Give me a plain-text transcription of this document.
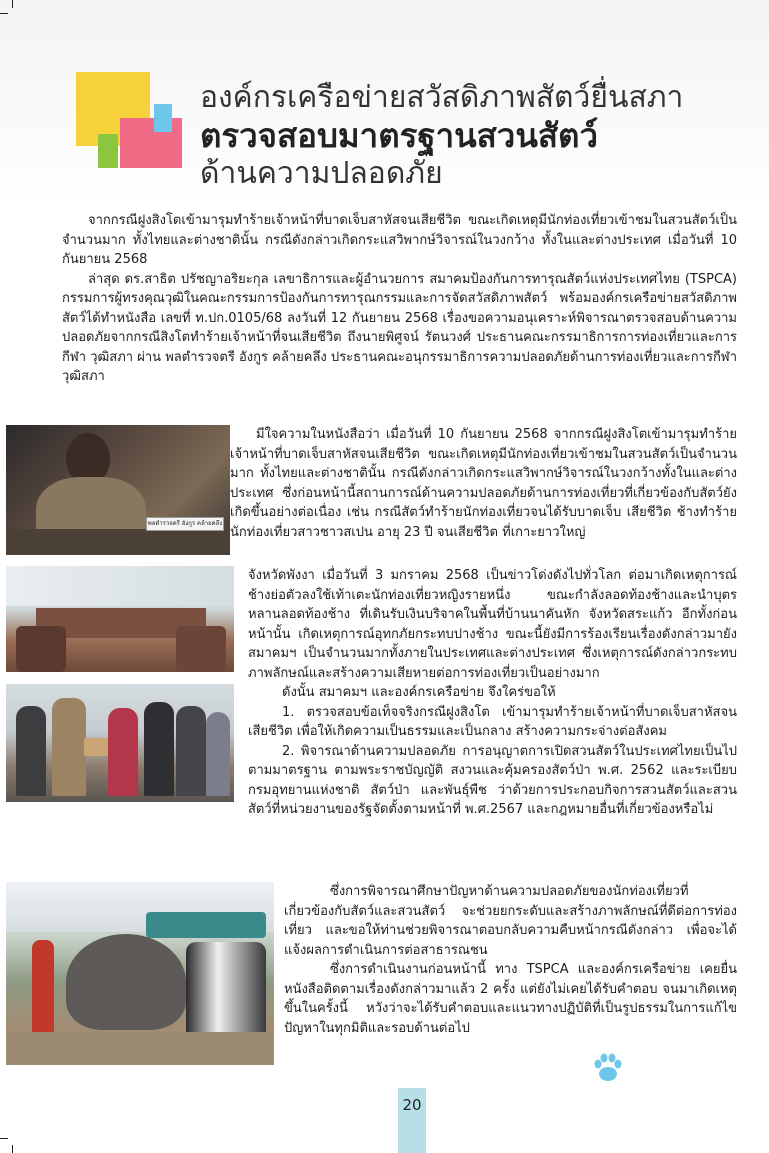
องค์กรเครือข่ายสวัสดิภาพสัตว์ยื่นสภา
ตรวจสอบมาตรฐานสวนสัตว์
ด้านความปลอดภัย

จากกรณีฝูงสิงโตเข้ามารุมทำร้ายเจ้าหน้าที่บาดเจ็บสาหัสจนเสียชีวิต ขณะเกิดเหตุมีนักท่องเที่ยวเข้าชมในสวนสัตว์เป็นจำนวนมาก ทั้งไทยและต่างชาตินั้น กรณีดังกล่าวเกิดกระแสวิพากษ์วิจารณ์ในวงกว้าง ทั้งในและต่างประเทศ เมื่อวันที่ 10 กันยายน 2568

ล่าสุด ดร.สาธิต ปรัชญาอริยะกุล เลขาธิการและผู้อำนวยการ สมาคมป้องกันการทารุณสัตว์แห่งประเทศไทย (TSPCA) กรรมการผู้ทรงคุณวุฒิในคณะกรรมการป้องกันการทารุณกรรมและการจัดสวัสดิภาพสัตว์ พร้อมองค์กรเครือข่ายสวัสดิภาพสัตว์ได้ทำหนังสือ เลขที่ ท.ปก.0105/68 ลงวันที่ 12 กันยายน 2568 เรื่องขอความอนุเคราะห์พิจารณาตรวจสอบด้านความปลอดภัยจากกรณีสิงโตทำร้ายเจ้าหน้าที่จนเสียชีวิต ถึงนายพิศูจน์ รัตนวงศ์ ประธานคณะกรรมาธิการการท่องเที่ยวและการกีฬา วุฒิสภา ผ่าน พลตำรวจตรี อังกูร คล้ายคลึง ประธานคณะอนุกรรมาธิการความปลอดภัยด้านการท่องเที่ยวและการกีฬา วุฒิสภา

พลตำรวจตรี อังกูร คล้ายคลึง

มีใจความในหนังสือว่า เมื่อวันที่ 10 กันยายน 2568 จากกรณีฝูงสิงโตเข้ามารุมทำร้ายเจ้าหน้าที่บาดเจ็บสาหัสจนเสียชีวิต ขณะเกิดเหตุมีนักท่องเที่ยวเข้าชมในสวนสัตว์เป็นจำนวนมาก ทั้งไทยและต่างชาตินั้น กรณีดังกล่าวเกิดกระแสวิพากษ์วิจารณ์ในวงกว้างทั้งในและต่างประเทศ ซึ่งก่อนหน้านี้สถานการณ์ด้านความปลอดภัยด้านการท่องเที่ยวที่เกี่ยวข้องกับสัตว์ยังเกิดขึ้นอย่างต่อเนื่อง เช่น กรณีสัตว์ทำร้ายนักท่องเที่ยวจนได้รับบาดเจ็บ เสียชีวิต ช้างทำร้ายนักท่องเที่ยวสาวชาวสเปน อายุ 23 ปี จนเสียชีวิต ที่เกาะยาวใหญ่

จังหวัดพังงา เมื่อวันที่ 3 มกราคม 2568 เป็นข่าวโด่งดังไปทั่วโลก ต่อมาเกิดเหตุการณ์ช้างย่อตัวลงใช้เท้าเตะนักท่องเที่ยวหญิงรายหนึ่ง ขณะกำลังลอดท้องช้างและนำบุตรหลานลอดท้องช้าง ที่เดินรับเงินบริจาคในพื้นที่บ้านนาคันหัก จังหวัดสระแก้ว อีกทั้งก่อนหน้านั้น เกิดเหตุการณ์อุทกภัยกระทบปางช้าง ขณะนี้ยังมีการร้องเรียนเรื่องดังกล่าวมายังสมาคมฯ เป็นจำนวนมากทั้งภายในประเทศและต่างประเทศ ซึ่งเหตุการณ์ดังกล่าวกระทบภาพลักษณ์และสร้างความเสียหายต่อการท่องเที่ยวเป็นอย่างมาก

ดังนั้น สมาคมฯ และองค์กรเครือข่าย จึงใคร่ขอให้

1. ตรวจสอบข้อเท็จจริงกรณีฝูงสิงโต เข้ามารุมทำร้ายเจ้าหน้าที่บาดเจ็บสาหัสจนเสียชีวิต เพื่อให้เกิดความเป็นธรรมและเป็นกลาง สร้างความกระจ่างต่อสังคม

2. พิจารณาด้านความปลอดภัย การอนุญาตการเปิดสวนสัตว์ในประเทศไทยเป็นไปตามมาตรฐาน ตามพระราชบัญญัติ สงวนและคุ้มครองสัตว์ป่า พ.ศ. 2562 และระเบียบกรมอุทยานแห่งชาติ สัตว์ป่า และพันธุ์พืช ว่าด้วยการประกอบกิจการสวนสัตว์และสวนสัตว์ที่หน่วยงานของรัฐจัดตั้งตามหน้าที่ พ.ศ.2567 และกฎหมายอื่นที่เกี่ยวข้องหรือไม่

ซึ่งการพิจารณาศึกษาปัญหาด้านความปลอดภัยของนักท่องเที่ยวที่เกี่ยวข้องกับสัตว์และสวนสัตว์ จะช่วยยกระดับและสร้างภาพลักษณ์ที่ดีต่อการท่องเที่ยว และขอให้ท่านช่วยพิจารณาตอบกลับความคืบหน้ากรณีดังกล่าว เพื่อจะได้แจ้งผลการดำเนินการต่อสาธารณชน

ซึ่งการดำเนินงานก่อนหน้านี้ ทาง TSPCA และองค์กรเครือข่าย เคยยื่นหนังสือติดตามเรื่องดังกล่าวมาแล้ว 2 ครั้ง แต่ยังไม่เคยได้รับคำตอบ จนมาเกิดเหตุขึ้นในครั้งนี้ หวังว่าจะได้รับคำตอบและแนวทางปฏิบัติที่เป็นรูปธรรมในการแก้ไขปัญหาในทุกมิติและรอบด้านต่อไป

20
